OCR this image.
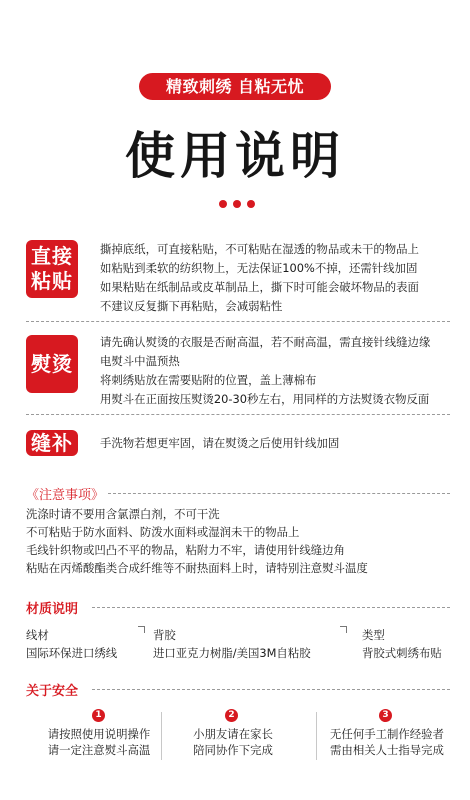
精致刺绣 自粘无忧
使用说明
直接
粘贴
撕掉底纸，可直接粘贴，不可粘贴在湿透的物品或未干的物品上
如粘贴到柔软的纺织物上，无法保证100%不掉，还需针线加固
如果粘贴在纸制品或皮革制品上，撕下时可能会破坏物品的表面
不建议反复撕下再粘贴，会减弱粘性
熨烫
请先确认熨烫的衣服是否耐高温，若不耐高温，需直接针线缝边缘
电熨斗中温预热
将刺绣贴放在需要贴附的位置，盖上薄棉布
用熨斗在正面按压熨烫20-30秒左右，用同样的方法熨烫衣物反面
缝补 手洗物若想更牢固，请在熨烫之后使用针线加固
《注意事项》
洗涤时请不要用含氯漂白剂，不可干洗
不可粘贴于防水面料、防泼水面料或湿润未干的物品上
毛线针织物或凹凸不平的物品，粘附力不牢，请使用针线缝边角
粘贴在丙烯酸酯类合成纤维等不耐热面料上时，请特别注意熨斗温度
材质说明
线材
国际环保进口绣线
背胶
进口亚克力树脂/美国3M自粘胶
类型
背胶式刺绣布贴
关于安全
1
请按照使用说明操作
请一定注意熨斗高温
2
小朋友请在家长
陪同协作下完成
3
无任何手工制作经验者
需由相关人士指导完成
